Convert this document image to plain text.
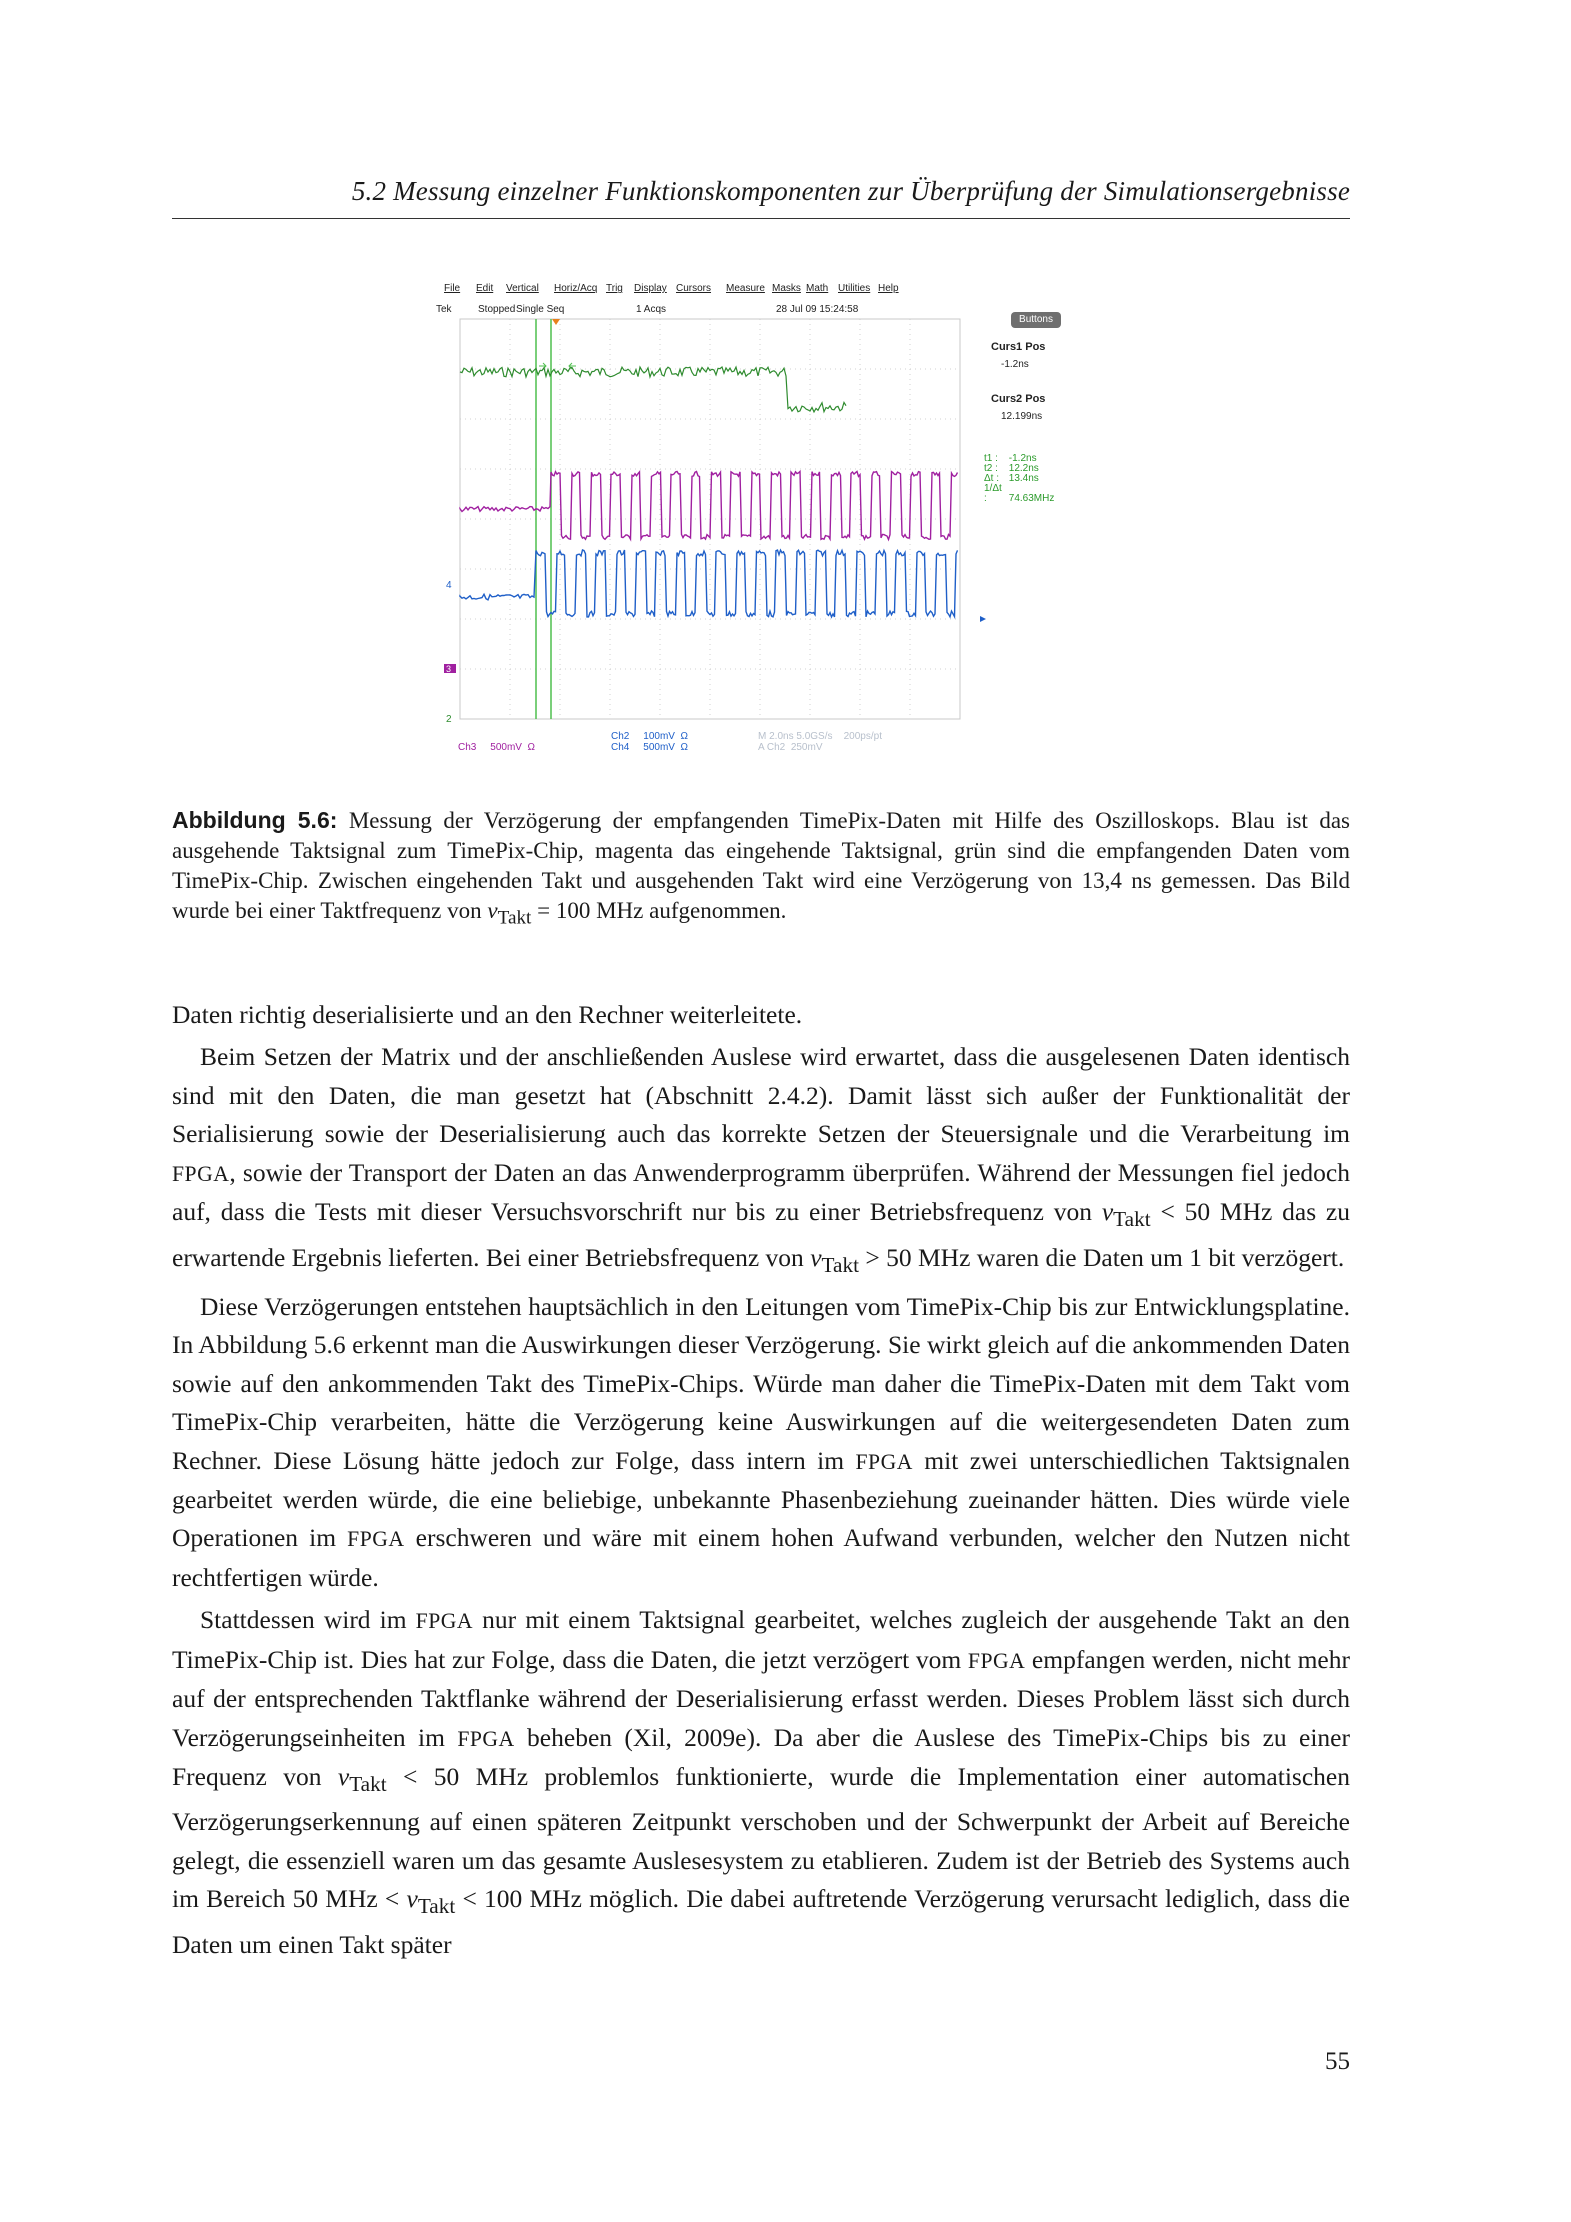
5.2 Messung einzelner Funktionskomponenten zur Überprüfung der Simulationsergebnisse
File Edit Vertical Horiz/Acq Trig Display Cursors Measure Masks Math Utilities Help
Tek	Stopped Single Seq	1 Acqs	28 Jul 09 15:24:58
Buttons
Curs1 Pos
-1.2ns
Curs2 Pos
12.199ns
t1 : -1.2ns
t2 : 12.2ns
Δt : 13.4ns
1/Δt : 74.63MHz
4
3
2
Ch3 500mV Ω
Ch2 100mV Ω
Ch4 500mV Ω
M 2.0ns 5.0GS/s 200ps/pt
A Ch2 250mV
Abbildung 5.6: Messung der Verzögerung der empfangenden TimePix-Daten mit Hilfe des Oszilloskops. Blau ist das ausgehende Taktsignal zum TimePix-Chip, magenta das eingehende Taktsignal, grün sind die empfangenden Daten vom TimePix-Chip. Zwischen eingehenden Takt und ausgehenden Takt wird eine Verzögerung von 13,4 ns gemessen. Das Bild wurde bei einer Taktfrequenz von $v_{Takt} = 100$ MHz aufgenommen.

Daten richtig deserialisierte und an den Rechner weiterleitete.

Beim Setzen der Matrix und der anschließenden Auslese wird erwartet, dass die ausgelesenen Daten identisch sind mit den Daten, die man gesetzt hat (Abschnitt 2.4.2). Damit lässt sich außer der Funktionalität der Serialisierung sowie der Deserialisierung auch das korrekte Setzen der Steuersignale und die Verarbeitung im FPGA, sowie der Transport der Daten an das Anwenderprogramm überprüfen. Während der Messungen fiel jedoch auf, dass die Tests mit dieser Versuchsvorschrift nur bis zu einer Betriebsfrequenz von $v_{Takt} < 50$ MHz das zu erwartende Ergebnis lieferten. Bei einer Betriebsfrequenz von $v_{Takt} > 50$ MHz waren die Daten um 1 bit verzögert.

Diese Verzögerungen entstehen hauptsächlich in den Leitungen vom TimePix-Chip bis zur Entwicklungsplatine. In Abbildung 5.6 erkennt man die Auswirkungen dieser Verzögerung. Sie wirkt gleich auf die ankommenden Daten sowie auf den ankommenden Takt des TimePix-Chips. Würde man daher die TimePix-Daten mit dem Takt vom TimePix-Chip verarbeiten, hätte die Verzögerung keine Auswirkungen auf die weitergesendeten Daten zum Rechner. Diese Lösung hätte jedoch zur Folge, dass intern im FPGA mit zwei unterschiedlichen Taktsignalen gearbeitet werden würde, die eine beliebige, unbekannte Phasenbeziehung zueinander hätten. Dies würde viele Operationen im FPGA erschweren und wäre mit einem hohen Aufwand verbunden, welcher den Nutzen nicht rechtfertigen würde.

Stattdessen wird im FPGA nur mit einem Taktsignal gearbeitet, welches zugleich der ausgehende Takt an den TimePix-Chip ist. Dies hat zur Folge, dass die Daten, die jetzt verzögert vom FPGA empfangen werden, nicht mehr auf der entsprechenden Taktflanke während der Deserialisierung erfasst werden. Dieses Problem lässt sich durch Verzögerungseinheiten im FPGA beheben (Xil, 2009e). Da aber die Auslese des TimePix-Chips bis zu einer Frequenz von $v_{Takt} < 50$ MHz problemlos funktionierte, wurde die Implementation einer automatischen Verzögerungserkennung auf einen späteren Zeitpunkt verschoben und der Schwerpunkt der Arbeit auf Bereiche gelegt, die essenziell waren um das gesamte Auslesesystem zu etablieren. Zudem ist der Betrieb des Systems auch im Bereich 50 MHz < $v_{Takt} < 100$ MHz möglich. Die dabei auftretende Verzögerung verursacht lediglich, dass die Daten um einen Takt später

55
